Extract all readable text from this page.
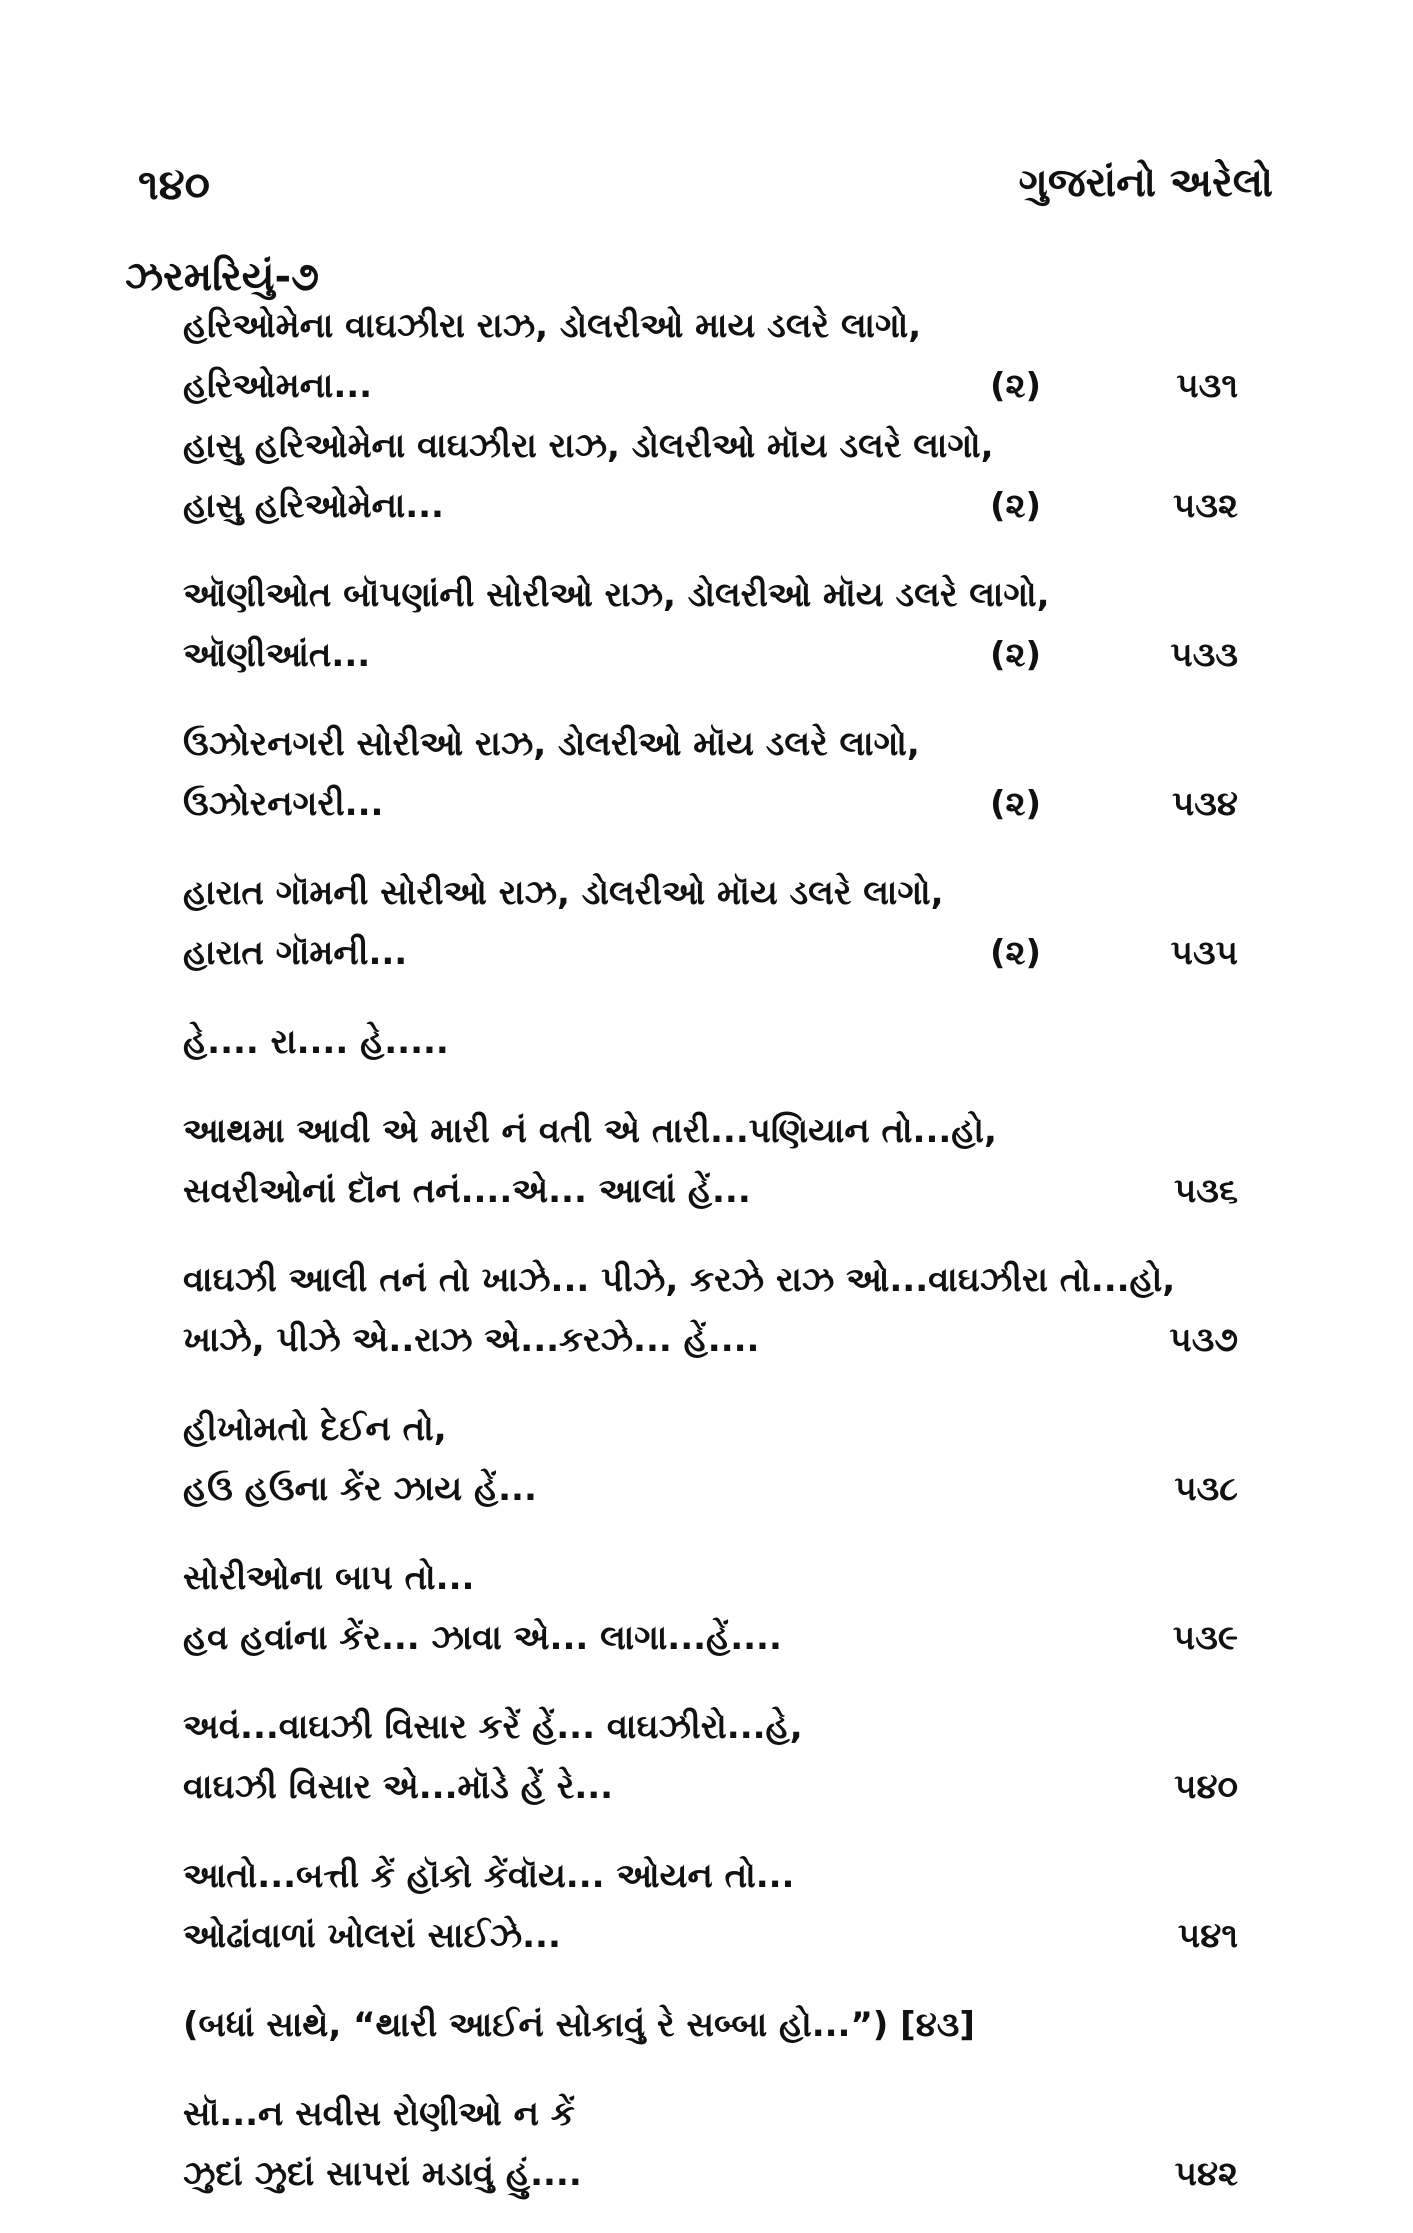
૧૪૦	ગુજરાંનો અરેલો
ઝરમરિયું-૭
હરિઓમેના વાઘઝીરા રાઝ, ડોલરીઓ માય ડલરે લાગો,
હરિઓમના...	(૨)	૫૩૧
હાસુ હરિઓમેના વાઘઝીરા રાઝ, ડોલરીઓ મૉય ડલરે લાગો,
હાસુ હરિઓમેના...	(૨)	૫૩૨
ઑણીઓત બૉપણાંની સોરીઓ રાઝ, ડોલરીઓ મૉય ડલરે લાગો,
ઑણીઆંત...	(૨)	૫૩૩
ઉઝોરનગરી સોરીઓ રાઝ, ડોલરીઓ મૉય ડલરે લાગો,
ઉઝોરનગરી...	(૨)	૫૩૪
હારાત ગૉમની સોરીઓ રાઝ, ડોલરીઓ મૉય ડલરે લાગો,
હારાત ગૉમની...	(૨)	૫૩૫
હે.... રા.... હે.....
આથમા આવી એ મારી નં વતી એ તારી...પણિયાન તો...હો,
સવરીઓનાં દૉન તનં....એ... આલાં હેં...	૫૩૬
વાઘઝી આલી તનં તો ખાઝે... પીઝે, કરઝે રાઝ ઓ...વાઘઝીરા તો...હો,
ખાઝે, પીઝે એ..રાઝ એ...કરઝે... હેં....	૫૩૭
હીખોમતો દેઈન તો,
હઉ હઉના કેંર ઝાય હેં...	૫૩૮
સોરીઓના બાપ તો...
હવ હવાંના કેંર... ઝાવા એ... લાગા...હેં....	૫૩૯
અવં...વાઘઝી વિસાર કરેં હેં... વાઘઝીરો...હે,
વાઘઝી વિસાર એ...મૉડે હેં રે...	૫૪૦
આતો...બત્તી કેં હૉકો કેંવૉય... ઓયન તો...
ઓઢાંવાળાં ખોલરાં સાઈઝે...	૫૪૧
(બધાં સાથે, “થારી આઈનં સોકાવું રે સબ્બા હો...”) [૪૩]
સૉ...ન સવીસ રોણીઓ ન કેં
ઝુદાં ઝુદાં સાપરાં મડાવું હું....	૫૪૨
